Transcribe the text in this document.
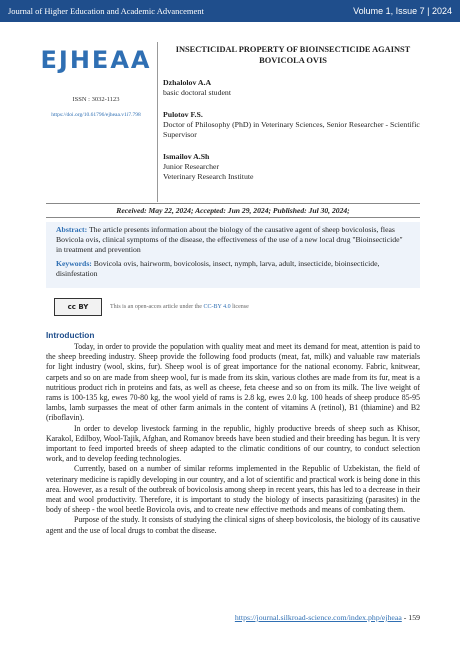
Journal of Higher Education and Academic Advancement	Volume 1, Issue 7 | 2024
EJHEAA
ISSN : 3032-1123
https://doi.org/10.61796/ejheaa.v1i7.798
INSECTICIDAL PROPERTY OF BIOINSECTICIDE AGAINST BOVICOLA OVIS
Dzhalolov A.A
basic doctoral student
Pulotov F.S.
Doctor of Philosophy (PhD) in Veterinary Sciences, Senior Researcher - Scientific Supervisor
Ismailov A.Sh
Junior Researcher
Veterinary Research Institute
Received: May 22, 2024; Accepted: Jun 29, 2024; Published: Jul 30, 2024;
Abstract: The article presents information about the biology of the causative agent of sheep bovicolosis, fleas Bovicola ovis, clinical symptoms of the disease, the effectiveness of the use of a new local drug "Bioinsecticide" in treatment and prevention
Keywords: Bovicola ovis, hairworm, bovicolosis, insect, nymph, larva, adult, insecticide, bioinsecticide, disinfestation
cc BY	This is an open-acces article under the CC-BY 4.0 license
Introduction

Today, in order to provide the population with quality meat and meet its demand for meat, attention is paid to the sheep breeding industry. Sheep provide the following food products (meat, fat, milk) and valuable raw materials for light industry (wool, skins, fur). Sheep wool is of great importance for the national economy. Fabric, knitwear, carpets and so on are made from sheep wool, fur is made from its skin, various clothes are made from its fur, meat is a nutritious product rich in proteins and fats, as well as cheese, feta cheese and so on from its milk. The live weight of rams is 100-135 kg, ewes 70-80 kg, the wool yield of rams is 2.8 kg, ewes 2.0 kg. 100 heads of sheep produce 85-95 lambs, lamb surpasses the meat of other farm animals in the content of vitamins A (retinol), B1 (thiamine) and B2 (riboflavin).

In order to develop livestock farming in the republic, highly productive breeds of sheep such as Khisor, Karakol, Edilboy, Wool-Tajik, Afghan, and Romanov breeds have been studied and their breeding has begun. It is very important to feed imported breeds of sheep adapted to the climatic conditions of our country, to conduct selection work, and to develop feeding technologies.

Currently, based on a number of similar reforms implemented in the Republic of Uzbekistan, the field of veterinary medicine is rapidly developing in our country, and a lot of scientific and practical work is being done in this area. However, as a result of the outbreak of bovicolosis among sheep in recent years, this has led to a decrease in their meat and wool productivity. Therefore, it is important to study the biology of insects parasitizing (parasites) in the body of sheep - the wool beetle Bovicola ovis, and to create new effective methods and means of combating them.

Purpose of the study. It consists of studying the clinical signs of sheep bovicolosis, the biology of its causative agent and the use of local drugs to combat the disease.

https://journal.silkroad-science.com/index.php/ejheaa - 159
